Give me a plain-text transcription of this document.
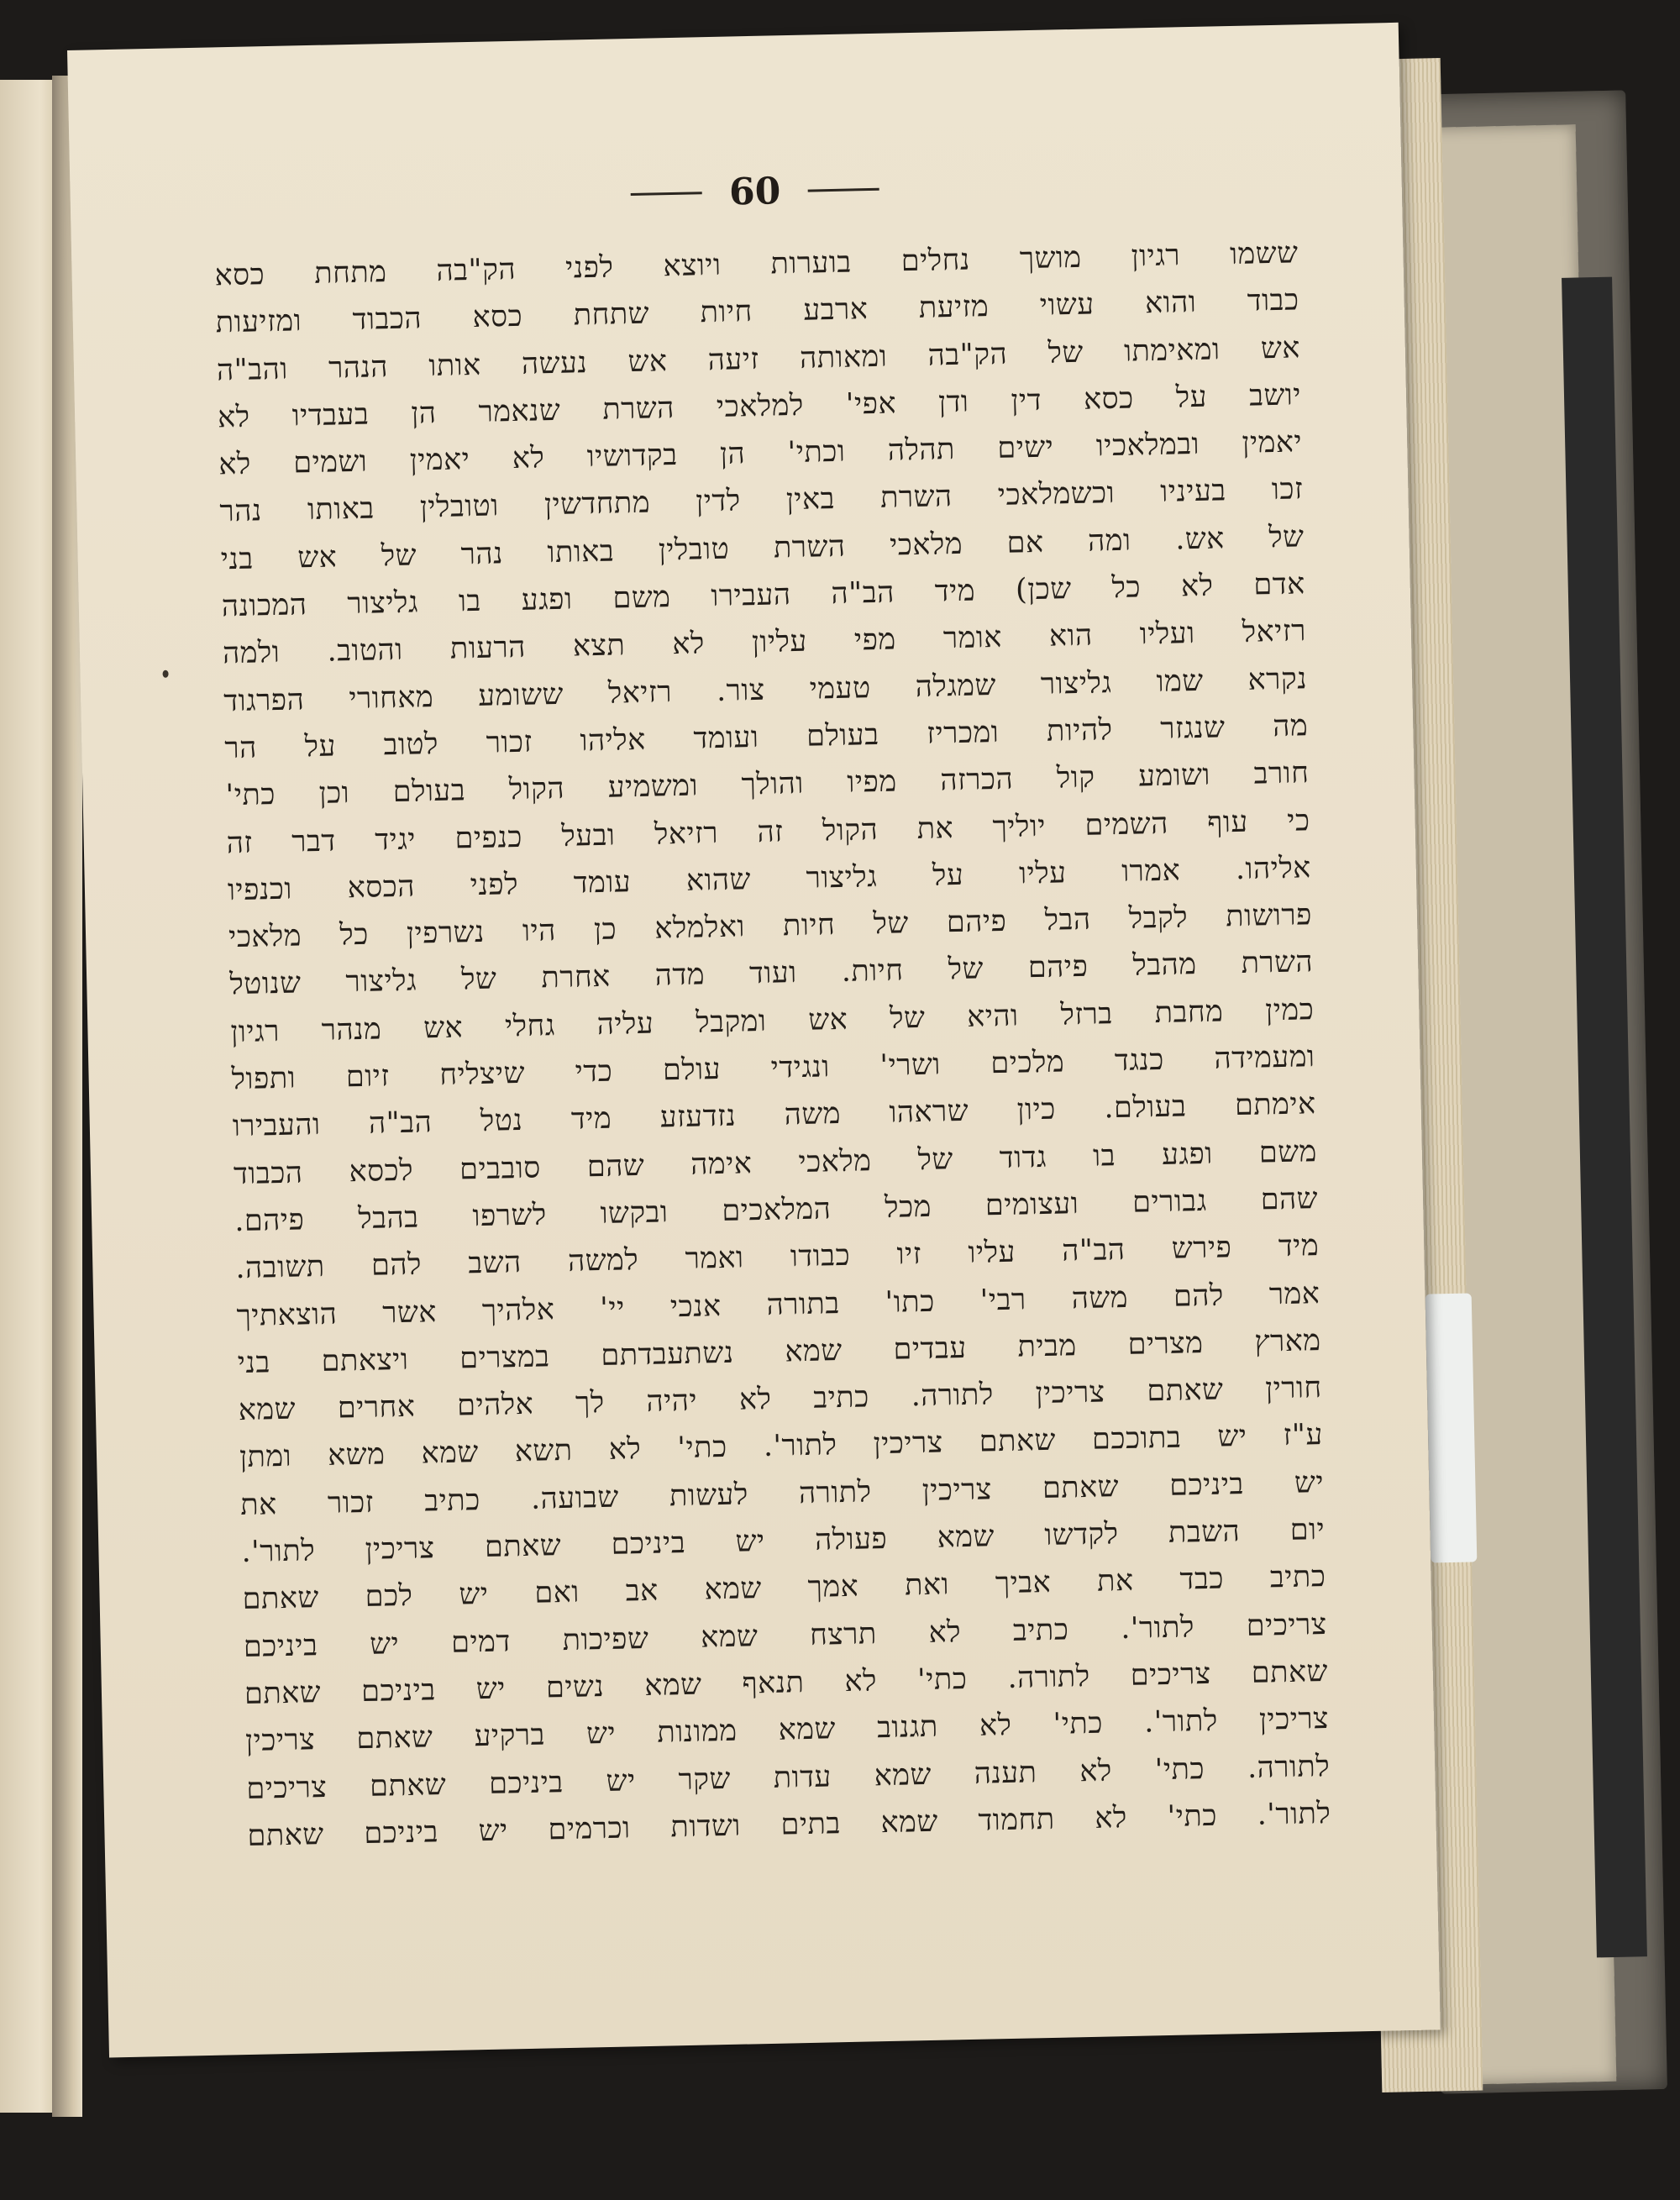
60
ששמו רגיון מושך נחלים בוערות ויוצא לפני הק"בה מתחת כסא
כבוד והוא עשוי מזיעת ארבע חיות שתחת כסא הכבוד ומזיעות
אש ומאימתו של הק"בה ומאותה זיעה אש נעשה אותו הנהר והב"ה
יושב על כסא דין ודן אפי' למלאכי השרת שנאמר הן בעבדיו לא
יאמין ובמלאכיו ישים תהלה וכתי' הן בקדושיו לא יאמין ושמים לא
זכו בעיניו וכשמלאכי השרת באין לדין מתחדשין וטובלין באותו נהר
של אש. ומה אם מלאכי השרת טובלין באותו נהר של אש בני
אדם לא כל שכן) מיד הב"ה העבירו משם ופגע בו גליצור המכונה
רזיאל ועליו הוא אומר מפי עליון לא תצא הרעות והטוב. ולמה
נקרא שמו גליצור שמגלה טעמי צור. רזיאל ששומע מאחורי הפרגוד
מה שנגזר להיות ומכריז בעולם ועומד אליהו זכור לטוב על הר
חורב ושומע קול הכרזה מפיו והולך ומשמיע הקול בעולם וכן כתי'
כי עוף השמים יוליך את הקול זה רזיאל ובעל כנפים יגיד דבר זה
אליהו. אמרו עליו על גליצור שהוא עומד לפני הכסא וכנפיו
פרושות לקבל הבל פיהם של חיות ואלמלא כן היו נשרפין כל מלאכי
השרת מהבל פיהם של חיות. ועוד מדה אחרת של גליצור שנוטל
כמין מחבת ברזל והיא של אש ומקבל עליה גחלי אש מנהר רגיון
ומעמידה כנגד מלכים ושרי' ונגידי עולם כדי שיצליח זיום ותפול
אימתם בעולם. כיון שראהו משה נזדעזע מיד נטל הב"ה והעבירו
משם ופגע בו גדוד של מלאכי אימה שהם סובבים לכסא הכבוד
שהם גבורים ועצומים מכל המלאכים ובקשו לשרפו בהבל פיהם.
מיד פירש הב"ה עליו זיו כבודו ואמר למשה השב להם תשובה.
אמר להם משה רבי' כתו' בתורה אנכי יי' אלהיך אשר הוצאתיך
מארץ מצרים מבית עבדים שמא נשתעבדתם במצרים ויצאתם בני
חורין שאתם צריכין לתורה. כתיב לא יהיה לך אלהים אחרים שמא
ע"ז יש בתוככם שאתם צריכין לתור'. כתי' לא תשא שמא משא ומתן
יש ביניכם שאתם צריכין לתורה לעשות שבועה. כתיב זכור את
יום השבת לקדשו שמא פעולה יש ביניכם שאתם צריכין לתור'.
כתיב כבד את אביך ואת אמך שמא אב ואם יש לכם שאתם
צריכים לתור'. כתיב לא תרצח שמא שפיכות דמים יש ביניכם
שאתם צריכים לתורה. כתי' לא תנאף שמא נשים יש ביניכם שאתם
צריכין לתור'. כתי' לא תגנוב שמא ממונות יש ברקיע שאתם צריכין
לתורה. כתי' לא תענה שמא עדות שקר יש ביניכם שאתם צריכים
לתור'. כתי' לא תחמוד שמא בתים ושדות וכרמים יש ביניכם שאתם
